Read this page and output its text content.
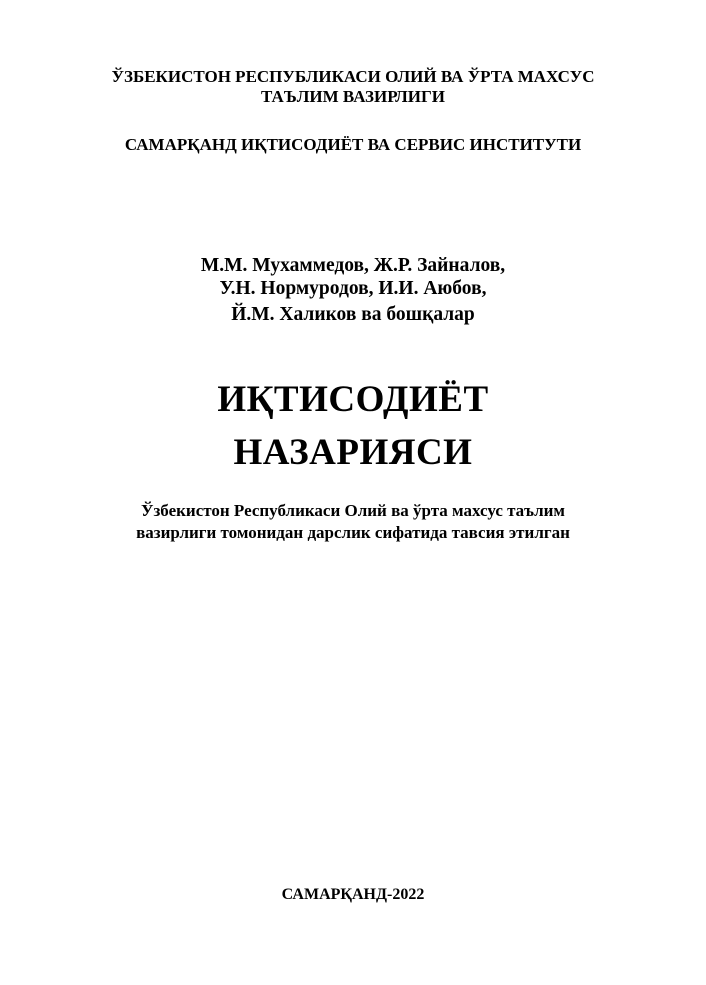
ЎЗБЕКИСТОН РЕСПУБЛИКАСИ ОЛИЙ ВА ЎРТА МАХСУС
ТАЪЛИМ ВАЗИРЛИГИ
САМАРҚАНД ИҚТИСОДИЁТ ВА СЕРВИС ИНСТИТУТИ
М.М. Мухаммедов, Ж.Р. Зайналов,
У.Н. Нормуродов, И.И. Аюбов,
Й.М. Халиков ва бошқалар
ИҚТИСОДИЁТ
НАЗАРИЯСИ
Ўзбекистон Республикаси Олий ва ўрта махсус таълим
вазирлиги томонидан дарслик сифатида тавсия этилган
САМАРҚАНД-2022
